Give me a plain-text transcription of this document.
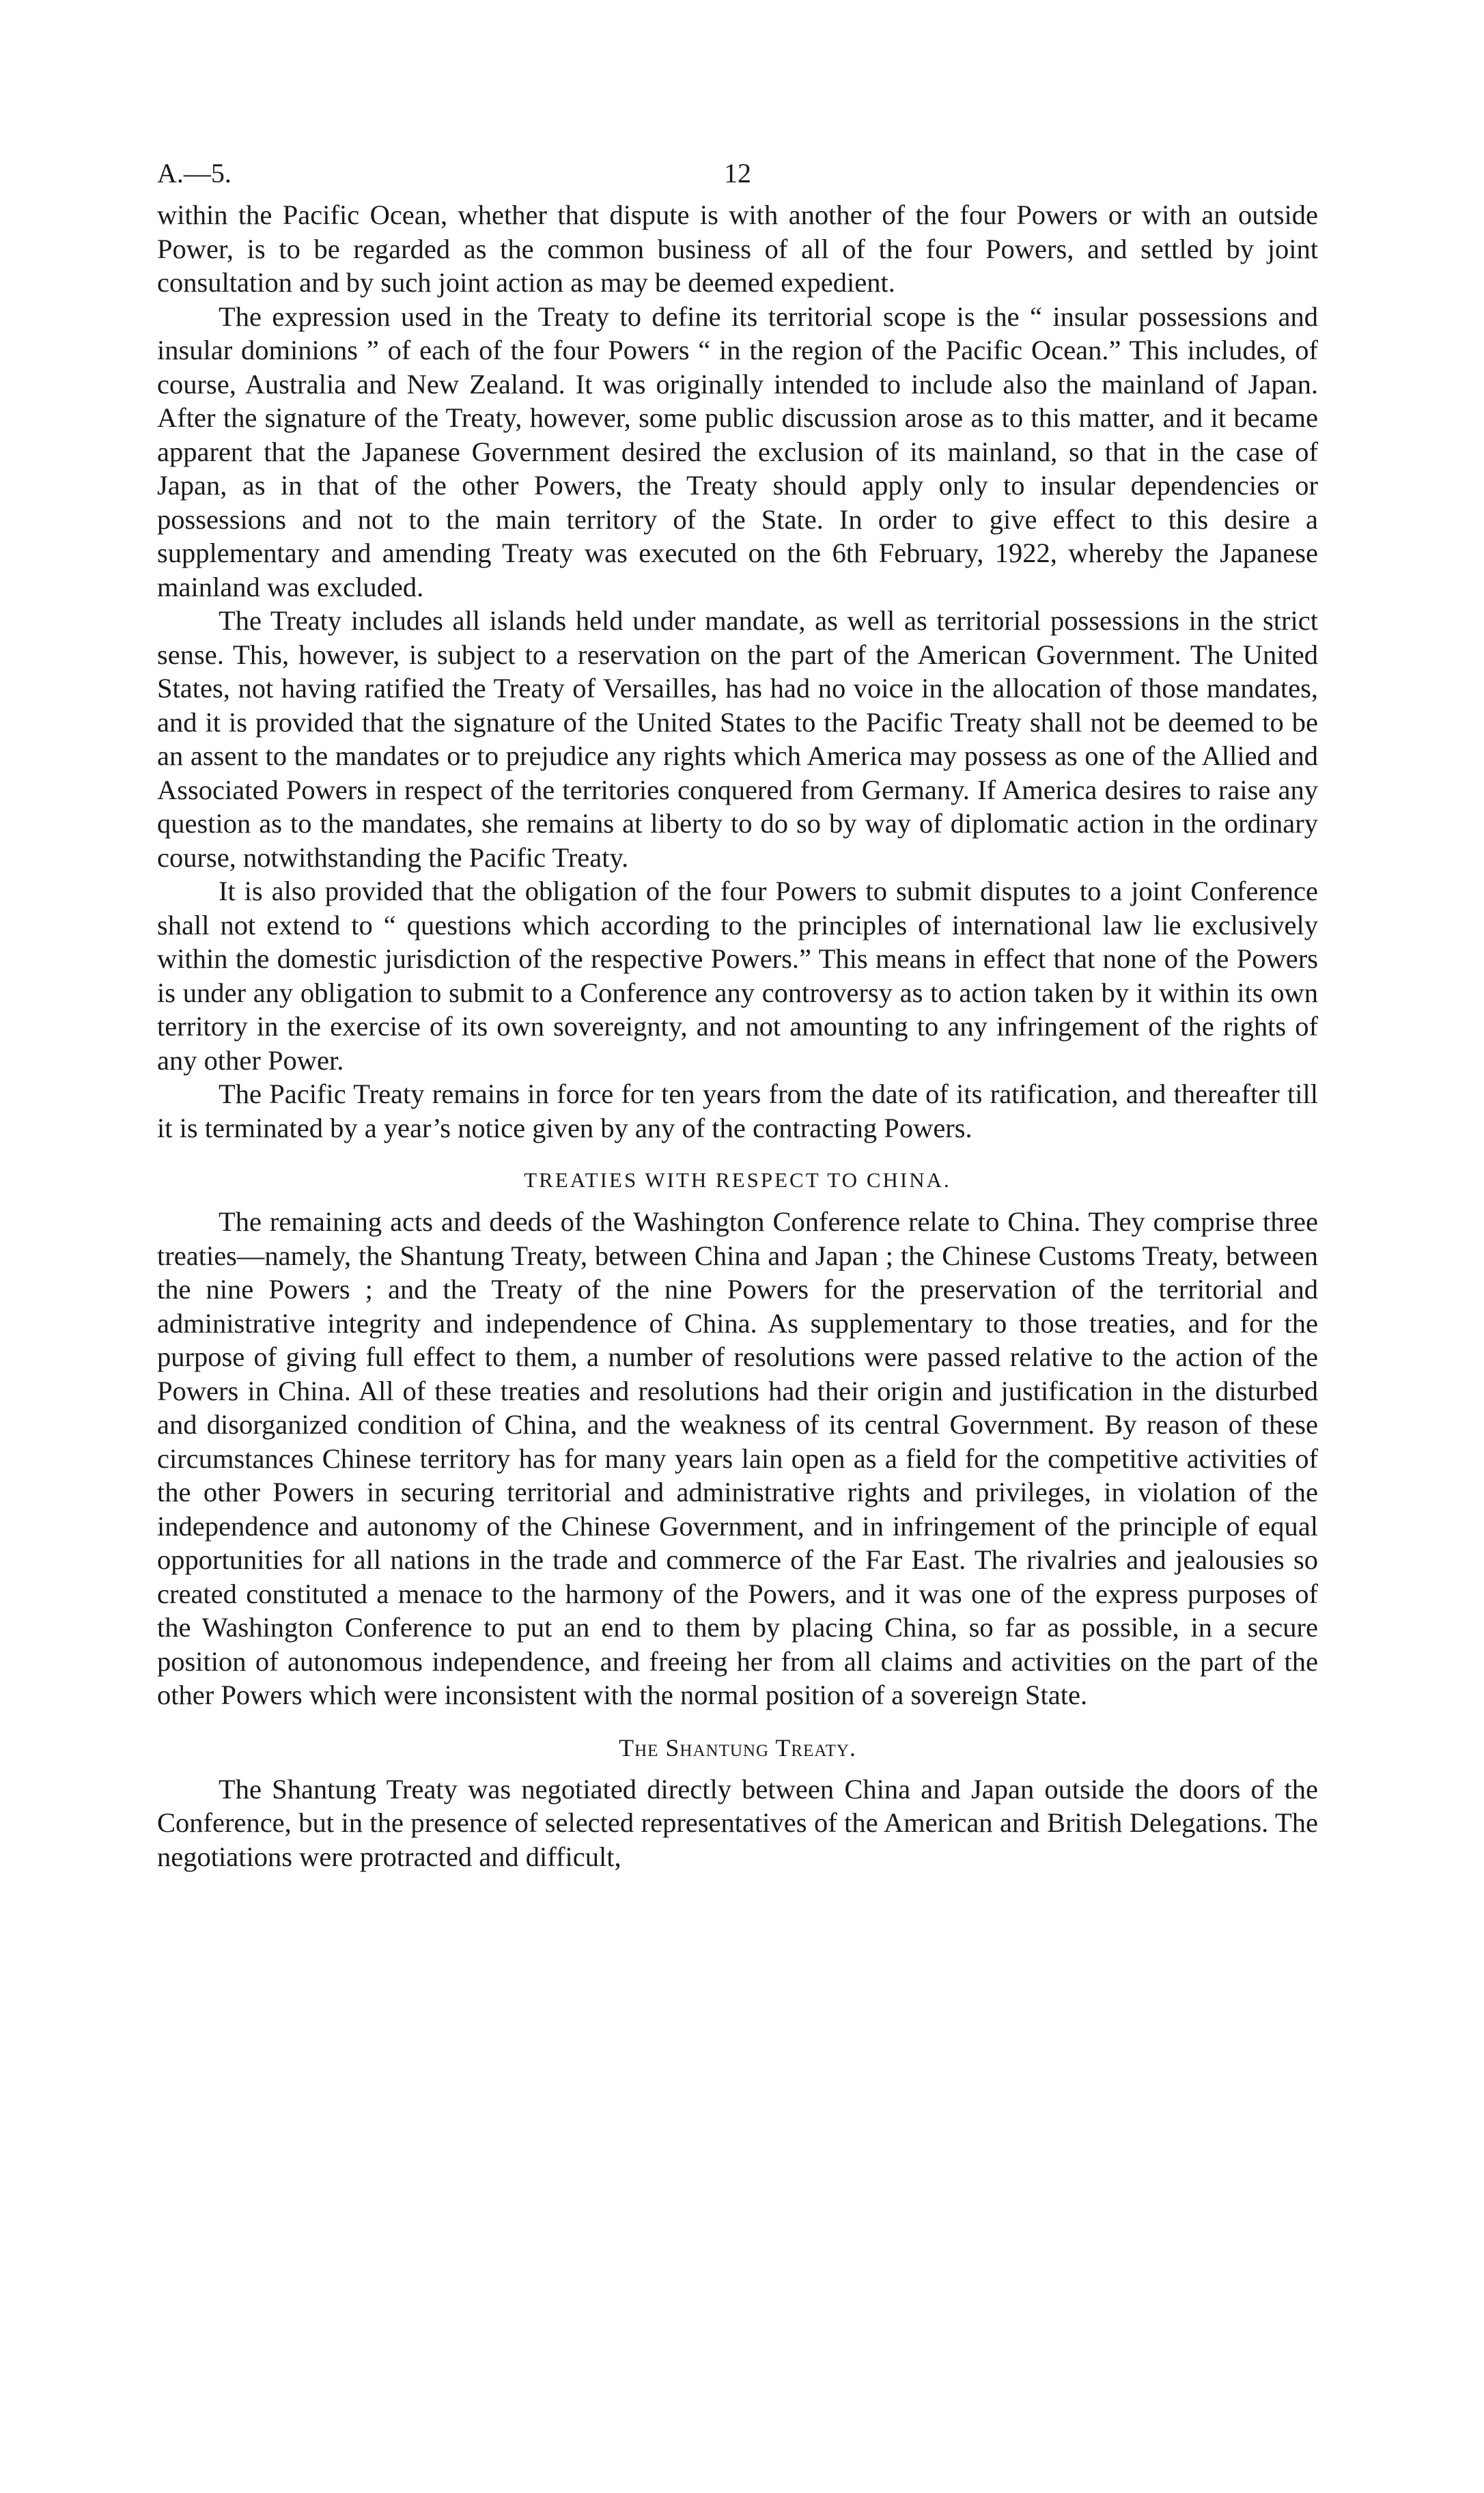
A.—5.	12

within the Pacific Ocean, whether that dispute is with another of the four Powers or with an outside Power, is to be regarded as the common business of all of the four Powers, and settled by joint consultation and by such joint action as may be deemed expedient.

The expression used in the Treaty to define its territorial scope is the “ insular possessions and insular dominions ” of each of the four Powers “ in the region of the Pacific Ocean.” This includes, of course, Australia and New Zealand. It was originally intended to include also the mainland of Japan. After the signature of the Treaty, however, some public discussion arose as to this matter, and it became apparent that the Japanese Government desired the exclusion of its mainland, so that in the case of Japan, as in that of the other Powers, the Treaty should apply only to insular dependencies or possessions and not to the main territory of the State. In order to give effect to this desire a supplementary and amending Treaty was executed on the 6th February, 1922, whereby the Japanese mainland was excluded.

The Treaty includes all islands held under mandate, as well as territorial possessions in the strict sense. This, however, is subject to a reservation on the part of the American Government. The United States, not having ratified the Treaty of Versailles, has had no voice in the allocation of those mandates, and it is provided that the signature of the United States to the Pacific Treaty shall not be deemed to be an assent to the mandates or to prejudice any rights which America may possess as one of the Allied and Associated Powers in respect of the territories conquered from Germany. If America desires to raise any question as to the mandates, she remains at liberty to do so by way of diplomatic action in the ordinary course, notwithstanding the Pacific Treaty.

It is also provided that the obligation of the four Powers to submit disputes to a joint Conference shall not extend to “ questions which according to the principles of international law lie exclusively within the domestic jurisdiction of the respective Powers.” This means in effect that none of the Powers is under any obligation to submit to a Conference any controversy as to action taken by it within its own territory in the exercise of its own sovereignty, and not amounting to any infringement of the rights of any other Power.

The Pacific Treaty remains in force for ten years from the date of its ratification, and thereafter till it is terminated by a year’s notice given by any of the contracting Powers.

TREATIES WITH RESPECT TO CHINA.

The remaining acts and deeds of the Washington Conference relate to China. They comprise three treaties—namely, the Shantung Treaty, between China and Japan ; the Chinese Customs Treaty, between the nine Powers ; and the Treaty of the nine Powers for the preservation of the territorial and administrative integrity and independence of China. As supplementary to those treaties, and for the purpose of giving full effect to them, a number of resolutions were passed relative to the action of the Powers in China. All of these treaties and resolutions had their origin and justification in the disturbed and disorganized condition of China, and the weakness of its central Government. By reason of these circumstances Chinese territory has for many years lain open as a field for the competitive activities of the other Powers in securing territorial and administrative rights and privileges, in violation of the independence and autonomy of the Chinese Government, and in infringement of the principle of equal opportunities for all nations in the trade and commerce of the Far East. The rivalries and jealousies so created constituted a menace to the harmony of the Powers, and it was one of the express purposes of the Washington Conference to put an end to them by placing China, so far as possible, in a secure position of autonomous independence, and freeing her from all claims and activities on the part of the other Powers which were inconsistent with the normal position of a sovereign State.

The Shantung Treaty.

The Shantung Treaty was negotiated directly between China and Japan outside the doors of the Conference, but in the presence of selected representatives of the American and British Delegations. The negotiations were protracted and difficult,
